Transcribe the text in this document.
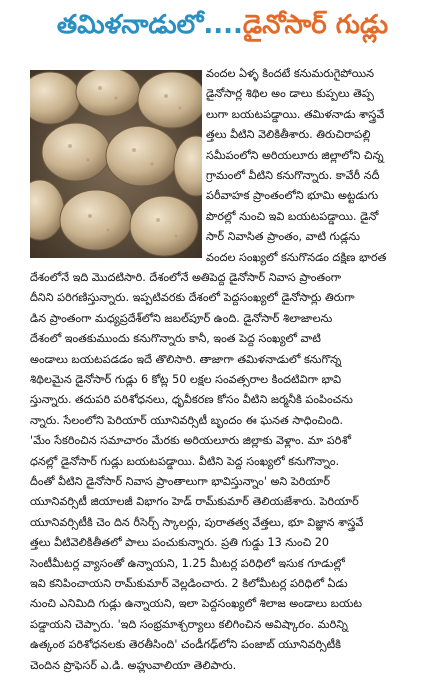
తమిళనాడులో....డైనోసార్ గుడ్లు
వందల ఏళ్ళ కిందటే కనుమరుగైపోయిన
డైనోసార్ల శిథిల అం డాలు కుప్పలు తెప్ప
లుగా బయటపడ్డాయి. తమిళనాడు శాస్త్రవే
త్తలు వీటిని వెలికితీశారు. తిరుచిరాపల్లి
సమీపంలోని అరియలూరు జిల్లాలోని చిన్న
గ్రామంలో వీటిని కనుగొన్నారు. కావేరీ నదీ
పరీవాహక ప్రాంతంలోని భూమి అట్టడుగు
పొరల్లో నుంచి ఇవి బయటపడ్డాయి. డైనో
సార్ నివాసిత ప్రాంతం, వాటి గుడ్లను
వందల సంఖ్యలో కనుగొనడం దక్షిణ భారత
దేశంలోనే ఇది మొదటిసారి. దేశంలోనే అతిపెద్ద డైనోసార్ నివాస ప్రాంతంగా
దీనిని పరిగణిస్తున్నారు. ఇప్పటివరకు దేశంలో పెద్దసంఖ్యలో డైనోసార్లు తిరుగా
డిన ప్రాంతంగా మధ్యప్రదేశ్‌లోని జబల్‌పూర్ ఉంది. డైనోసార్ శిలాజాలను
దేశంలో ఇంతకుముందు కనుగొన్నారు కానీ, ఇంత పెద్ద సంఖ్యలో వాటి
అండాలు బయటపడడం ఇదే తొలిసారి. తాజాగా తమిళనాడులో కనుగొన్న
శిథిలమైన డైనోసార్ గుడ్లు 6 కోట్ల 50 లక్షల సంవత్సరాల కిందటివిగా భావి
స్తున్నారు. తదుపరి పరిశోధనలు, ధృవీకరణ కోసం వీటిని జర్మనీకి పంపించను
న్నారు. సేలంలోని పెరియార్ యూనివర్సిటీ బృందం ఈ ఘనత సాధించింది.
'మేం సేకరించిన సమాచారం మేరకు అరియలూరు జిల్లాకు వెళ్లాం. మా పరిశో
ధనల్లో డైనోసార్ గుడ్లు బయటపడ్డాయి. వీటిని పెద్ద సంఖ్యలో కనుగొన్నాం.
దీంతో వీటిని డైనోసార్ నివాస ప్రాంతాలుగా భావిస్తున్నాం' అని పెరియార్
యూనివర్సిటీ జియాలజీ విభాగం హెడ్ రామ్‌కుమార్ తెలియజేశారు. పెరియార్
యూనివర్సిటీకి చెం దిన రీసెర్చ్ స్కాలర్లు, పురాతత్వ వేత్తలు, భూ విజ్ఞాన శాస్త్రవే
త్తలు వీటివెలికితీతలో పాలు పంచుకున్నారు. ప్రతి గుడ్డు 13 నుంచి 20
సెంటీమీటర్ల వ్యాసంతో ఉన్నాయని, 1.25 మీటర్ల పరిధిలో ఇసుక గూడుల్లో
ఇవి కనిపించాయని రామ్‌కుమార్ వెల్లడించారు. 2 కిలోమీటర్ల పరిధిలో ఏడు
నుంచి ఎనిమిది గుడ్లు ఉన్నాయని, ఇలా పెద్దసంఖ్యలో శిలాజ అండాలు బయట
పడ్డాయని చెప్పారు. 'ఇది సంభ్రమాశ్చర్యాలు కలిగించిన అవిష్కారం. మరిన్ని
ఉత్కంఠ పరిశోధనలకు తెరతీసింది' చండీగఢ్‌లోని పంజాబ్ యూనివర్సిటీకి
చెందిన ప్రొఫెసర్ ఎ.డి. అహ్లువాలియా తెలిపారు.
